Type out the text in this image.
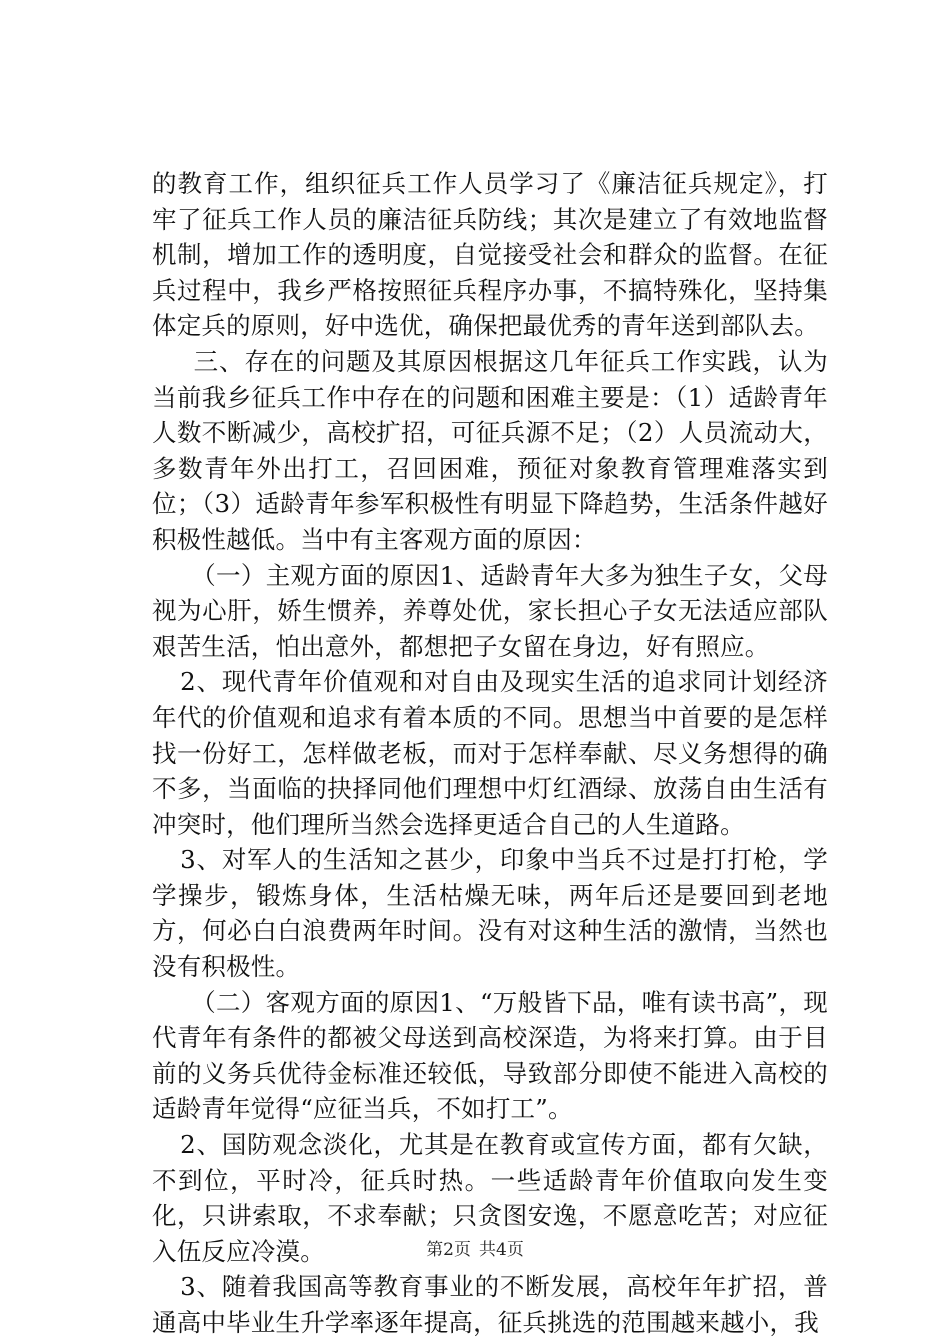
的教育工作，组织征兵工作人员学习了《廉洁征兵规定》，打牢了征兵工作人员的廉洁征兵防线；其次是建立了有效地监督机制，增加工作的透明度，自觉接受社会和群众的监督。在征兵过程中，我乡严格按照征兵程序办事，不搞特殊化，坚持集体定兵的原则，好中选优，确保把最优秀的青年送到部队去。

三、存在的问题及其原因根据这几年征兵工作实践，认为当前我乡征兵工作中存在的问题和困难主要是：（1）适龄青年人数不断减少，高校扩招，可征兵源不足；（2）人员流动大，多数青年外出打工，召回困难，预征对象教育管理难落实到位；（3）适龄青年参军积极性有明显下降趋势，生活条件越好积极性越低。当中有主客观方面的原因：

（一）主观方面的原因1、适龄青年大多为独生子女，父母视为心肝，娇生惯养，养尊处优，家长担心子女无法适应部队艰苦生活，怕出意外，都想把子女留在身边，好有照应。

2、现代青年价值观和对自由及现实生活的追求同计划经济年代的价值观和追求有着本质的不同。思想当中首要的是怎样找一份好工，怎样做老板，而对于怎样奉献、尽义务想得的确不多，当面临的抉择同他们理想中灯红酒绿、放荡自由生活有冲突时，他们理所当然会选择更适合自己的人生道路。

3、对军人的生活知之甚少，印象中当兵不过是打打枪，学学操步，锻炼身体，生活枯燥无味，两年后还是要回到老地方，何必白白浪费两年时间。没有对这种生活的激情，当然也没有积极性。

（二）客观方面的原因1、“万般皆下品，唯有读书高”，现代青年有条件的都被父母送到高校深造，为将来打算。由于目前的义务兵优待金标准还较低，导致部分即使不能进入高校的适龄青年觉得“应征当兵，不如打工”。

2、国防观念淡化，尤其是在教育或宣传方面，都有欠缺，不到位，平时冷，征兵时热。一些适龄青年价值取向发生变化，只讲索取，不求奉献；只贪图安逸，不愿意吃苦；对应征入伍反应冷漠。

3、随着我国高等教育事业的不断发展，高校年年扩招，普通高中毕业生升学率逐年提高，征兵挑选的范围越来越小，我

第2页 共4页
